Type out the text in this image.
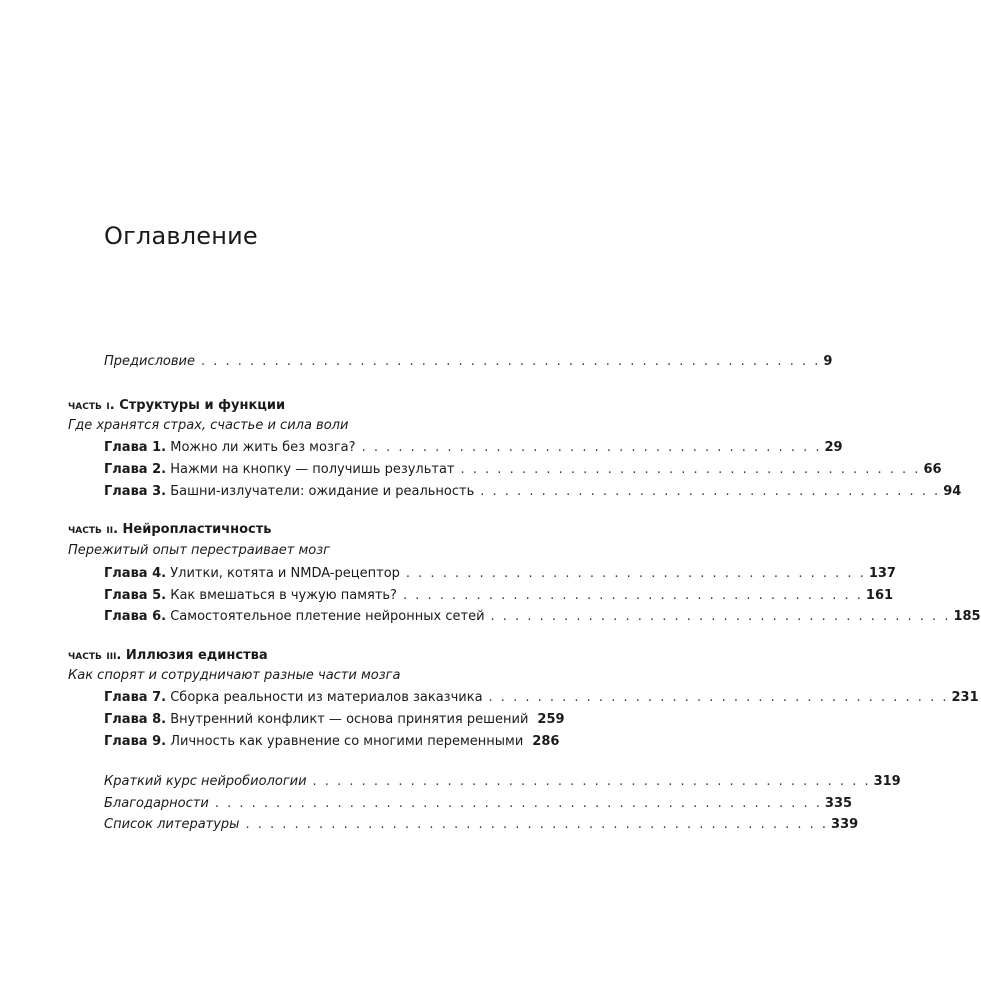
Оглавление
Предисловие . . . . . . . . . . . . . . . . . . . . . . . . . . . . . . . . . . . . . . . . . . . . . . . . . . . 9
часть i. Структуры и функции
Где хранятся страх, счастье и сила воли
Глава 1. Можно ли жить без мозга? . . . . . . . . . . . . . . . . . . . . . . . . . . . . . . . . . . . . . . 29
Глава 2. Нажми на кнопку — получишь результат . . . . . . . . . . . . . . . . . . . . . . . . . . . . . . . . . . . . . . 66
Глава 3. Башни-излучатели: ожидание и реальность . . . . . . . . . . . . . . . . . . . . . . . . . . . . . . . . . . . . . . 94
часть ii. Нейропластичность
Пережитый опыт перестраивает мозг
Глава 4. Улитки, котята и NMDA-рецептор . . . . . . . . . . . . . . . . . . . . . . . . . . . . . . . . . . . . . . 137
Глава 5. Как вмешаться в чужую память? . . . . . . . . . . . . . . . . . . . . . . . . . . . . . . . . . . . . . . 161
Глава 6. Самостоятельное плетение нейронных сетей . . . . . . . . . . . . . . . . . . . . . . . . . . . . . . . . . . . . . . 185
часть iii. Иллюзия единства
Как спорят и сотрудничают разные части мозга
Глава 7. Сборка реальности из материалов заказчика . . . . . . . . . . . . . . . . . . . . . . . . . . . . . . . . . . . . . . 231
Глава 8. Внутренний конфликт — основа принятия решений 259
Глава 9. Личность как уравнение со многими переменными 286
Краткий курс нейробиологии . . . . . . . . . . . . . . . . . . . . . . . . . . . . . . . . . . . . . . . . . . . . . . 319
Благодарности . . . . . . . . . . . . . . . . . . . . . . . . . . . . . . . . . . . . . . . . . . . . . . . . . . 335
Список литературы . . . . . . . . . . . . . . . . . . . . . . . . . . . . . . . . . . . . . . . . . . . . . . . . 339
